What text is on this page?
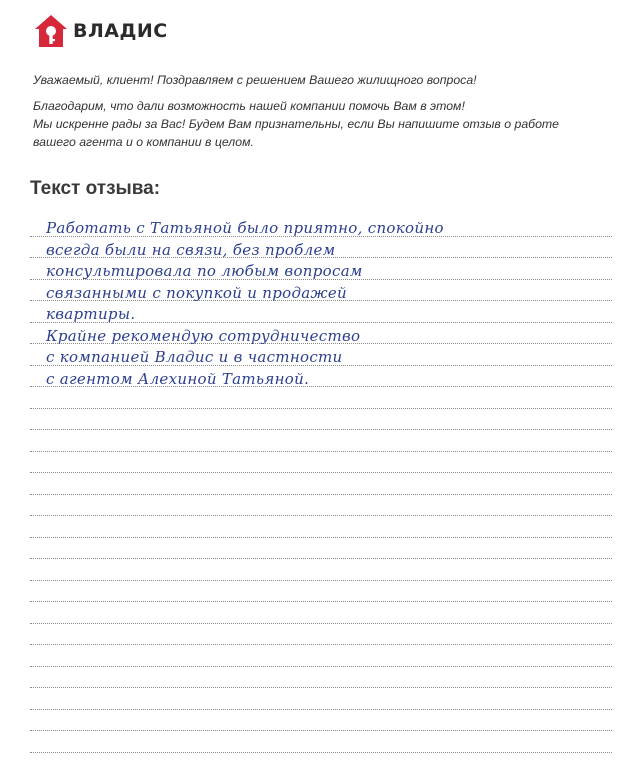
ВЛАДИС

Уважаемый, клиент! Поздравляем с решением Вашего жилищного вопроса!

Благодарим, что дали возможность нашей компании помочь Вам в этом!
Мы искренне рады за Вас! Будем Вам признательны, если Вы напишите отзыв о работе
вашего агента и о компании в целом.

Текст отзыва:
Работать с Татьяной было приятно, спокойно
всегда были на связи, без проблем
консультировала по любым вопросам
связанными с покупкой и продажей
квартиры.
Крайне рекомендую сотрудничество
с компанией Владис и в частности
с агентом Алехиной Татьяной.
